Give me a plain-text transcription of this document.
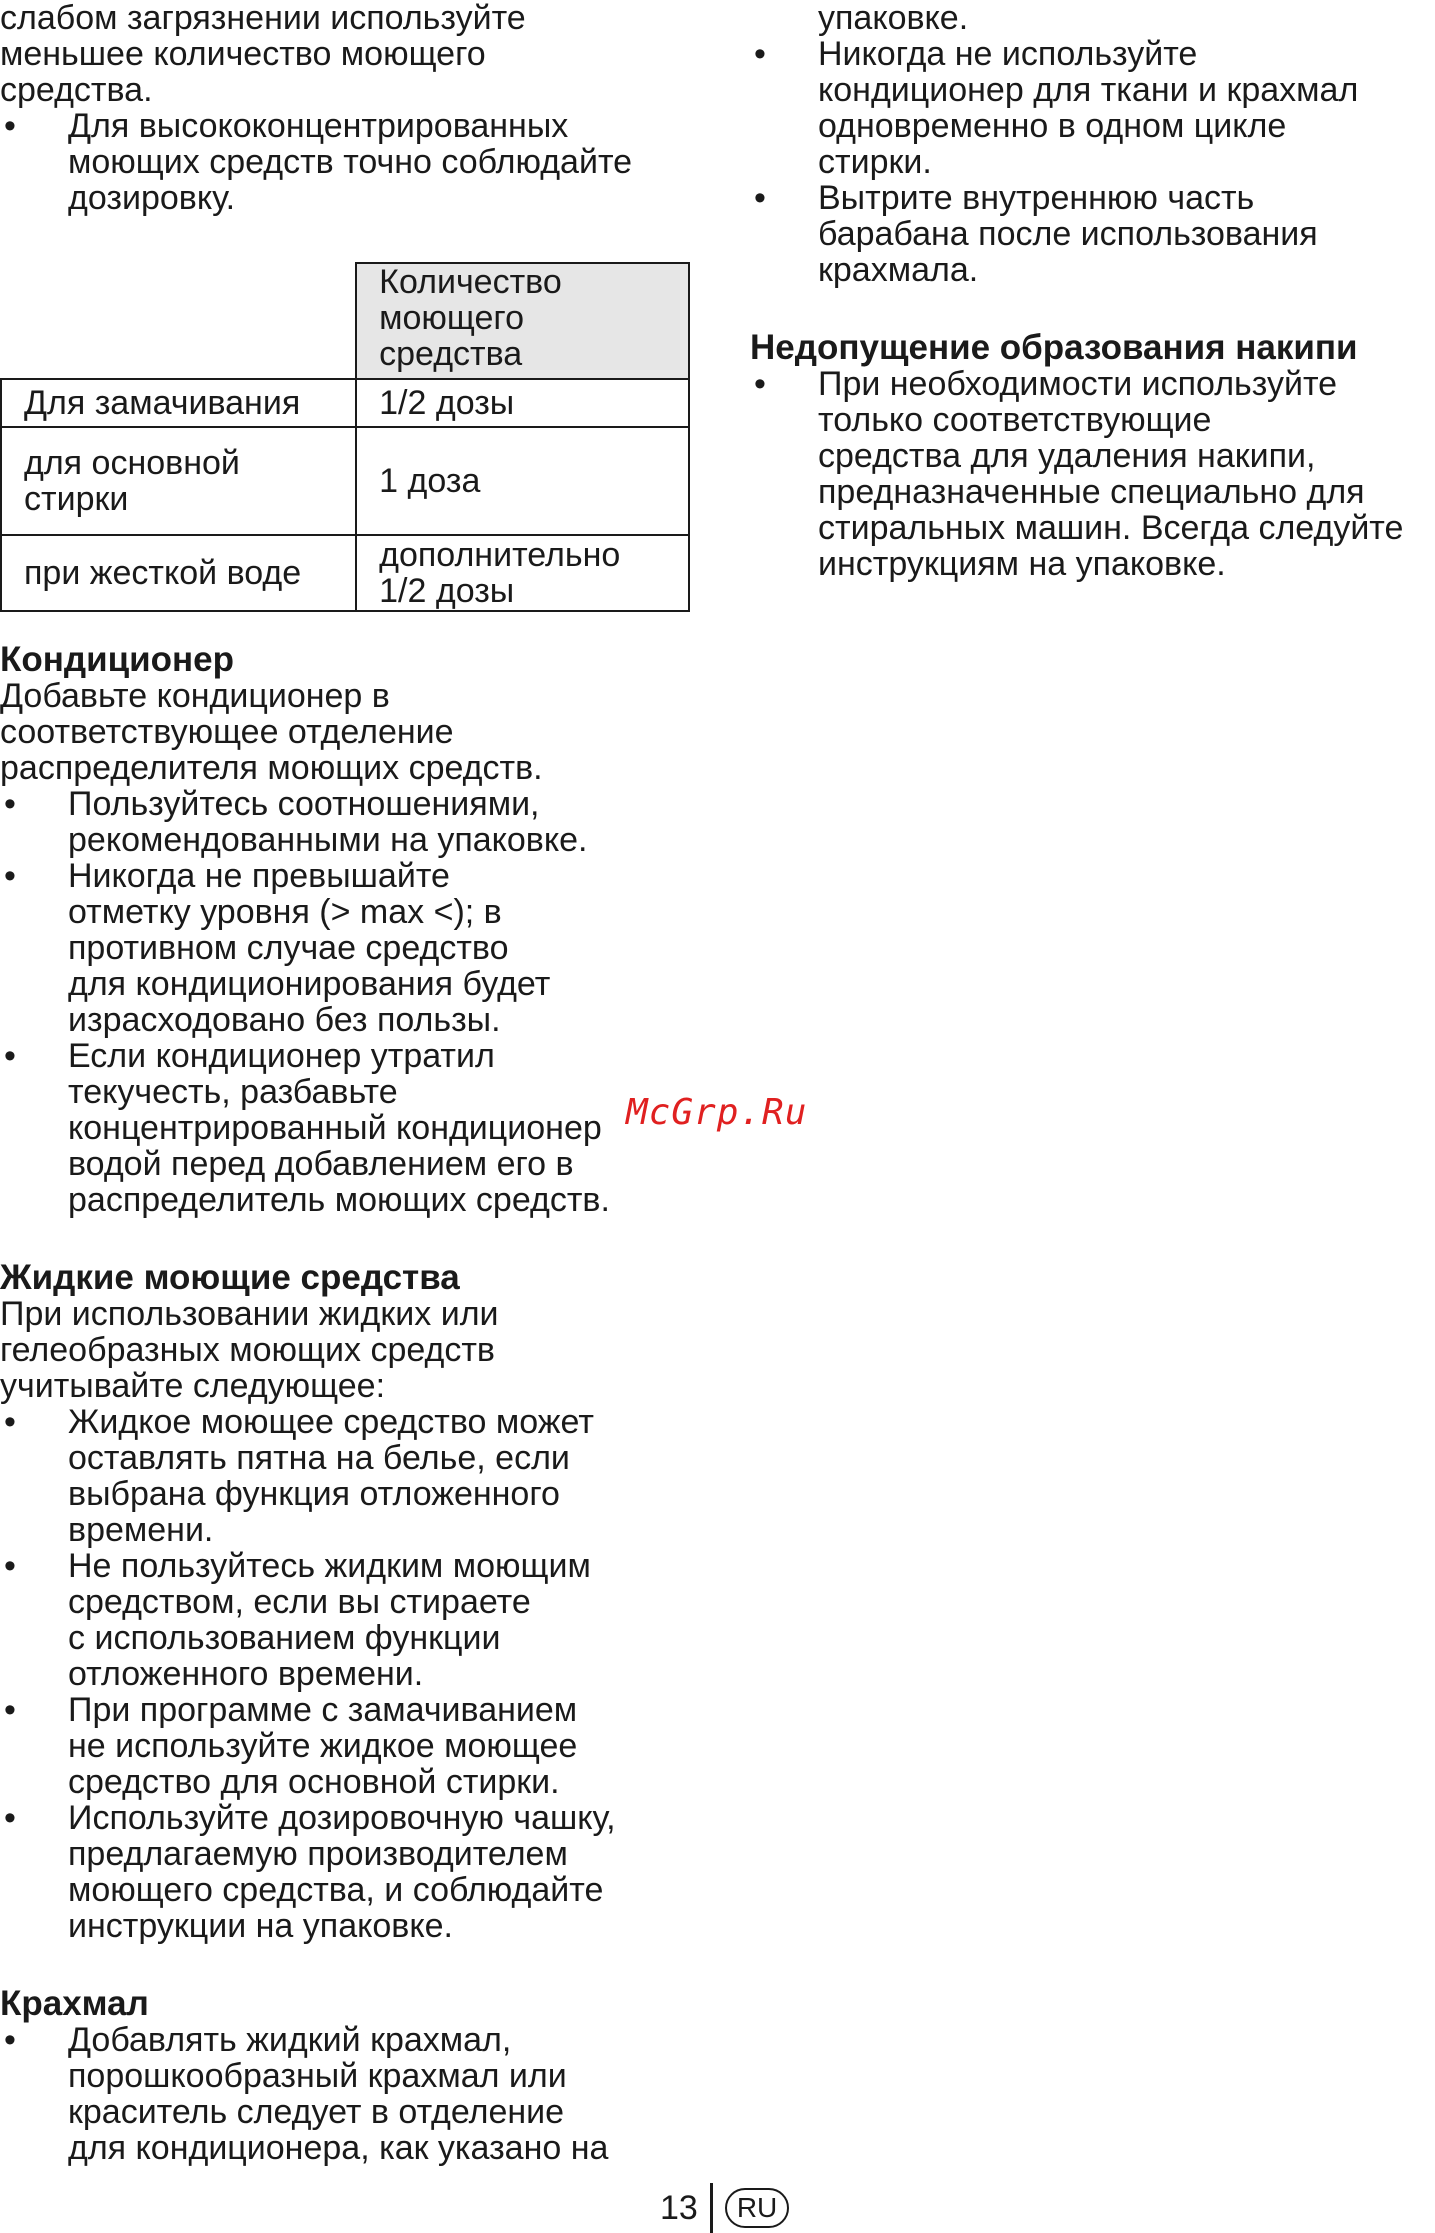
слабом загрязнении используйте
меньшее количество моющего
средства.

• Для высококонцентрированных
моющих средств точно соблюдайте
дозировку.
	Количество
моющего
средства
Для замачивания	1/2 дозы
для основной
стирки	1 доза
при жесткой воде	дополнительно
1/2 дозы
Кондиционер

Добавьте кондиционер в
соответствующее отделение
распределителя моющих средств.

• Пользуйтесь соотношениями,
рекомендованными на упаковке.
• Никогда не превышайте
отметку уровня (> max <); в
противном случае средство
для кондиционирования будет
израсходовано без пользы.
• Если кондиционер утратил
текучесть, разбавьте
концентрированный кондиционер
водой перед добавлением его в
распределитель моющих средств.
Жидкие моющие средства

При использовании жидких или
гелеобразных моющих средств
учитывайте следующее:

• Жидкое моющее средство может
оставлять пятна на белье, если
выбрана функция отложенного
времени.
• Не пользуйтесь жидким моющим
средством, если вы стираете
с использованием функции
отложенного времени.
• При программе с замачиванием
не используйте жидкое моющее
средство для основной стирки.
• Используйте дозировочную чашку,
предлагаемую производителем
моющего средства, и соблюдайте
инструкции на упаковке.
Крахмал
• Добавлять жидкий крахмал,
порошкообразный крахмал или
краситель следует в отделение
для кондиционера, как указано на

упаковке.

• Никогда не используйте
кондиционер для ткани и крахмал
одновременно в одном цикле
стирки.
• Вытрите внутреннюю часть
барабана после использования
крахмала.
Недопущение образования накипи
• При необходимости используйте
только соответствующие
средства для удаления накипи,
предназначенные специально для
стиральных машин. Всегда следуйте
инструкциям на упаковке.
McGrp.Ru
13	RU
